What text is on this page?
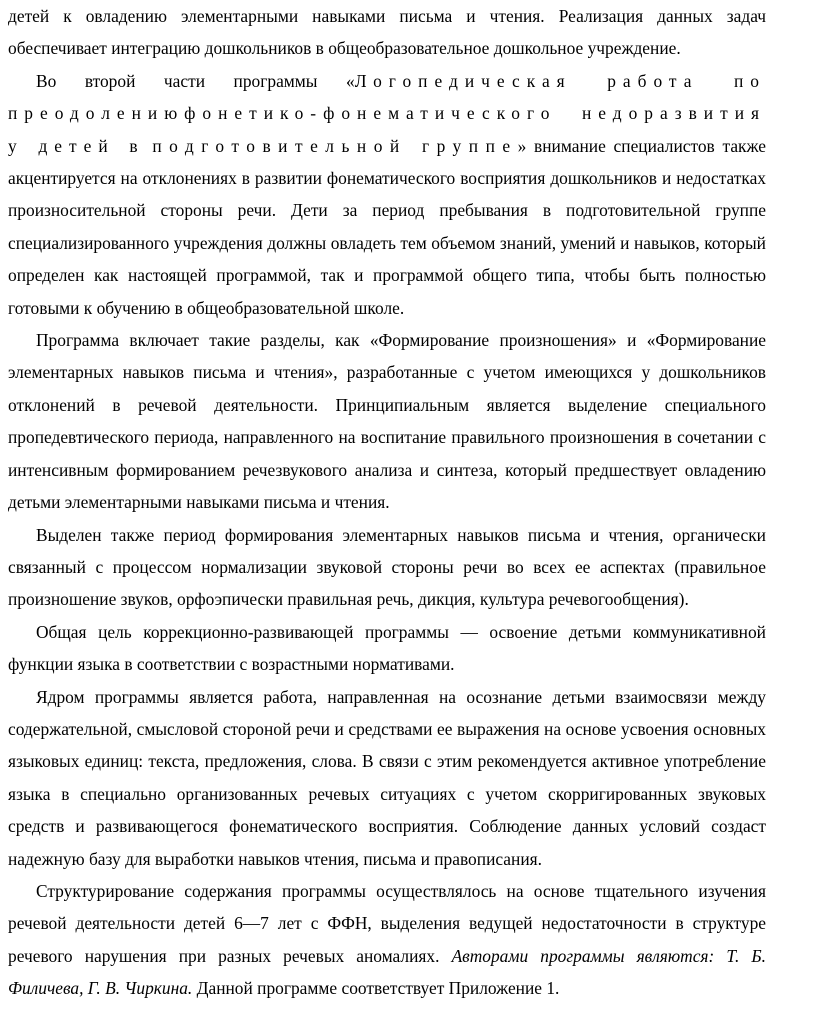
детей к овладению элементарными навыками письма и чтения. Реализация данных задач обеспечивает интеграцию дошкольников в общеобразовательное дошкольное учреждение.

Во второй части программы «Логопедическая работа по преодолениюфонетико-фонематического недоразвития у детей в подготовительной группе» внимание специалистов также акцентируется на отклонениях в развитии фонематического восприятия дошкольников и недостатках произносительной стороны речи. Дети за период пребывания в подготовительной группе специализированного учреждения должны овладеть тем объемом знаний, умений и навыков, который определен как настоящей программой, так и программой общего типа, чтобы быть полностью готовыми к обучению в общеобразовательной школе.

Программа включает такие разделы, как «Формирование произношения» и «Формирование элементарных навыков письма и чтения», разработанные с учетом имеющихся у дошкольников отклонений в речевой деятельности. Принципиальным является выделение специального пропедевтического периода, направленного на воспитание правильного произношения в сочетании с интенсивным формированием речезвукового анализа и синтеза, который предшествует овладению детьми элементарными навыками письма и чтения.

Выделен также период формирования элементарных навыков письма и чтения, органически связанный с процессом нормализации звуковой стороны речи во всех ее аспектах (правильное произношение звуков, орфоэпически правильная речь, дикция, культура речевогообщения).

Общая цель коррекционно-развивающей программы — освоение детьми коммуникативной функции языка в соответствии с возрастными нормативами.

Ядром программы является работа, направленная на осознание детьми взаимосвязи между содержательной, смысловой стороной речи и средствами ее выражения на основе усвоения основных языковых единиц: текста, предложения, слова. В связи с этим рекомендуется активное употребление языка в специально организованных речевых ситуациях с учетом скорригированных звуковых средств и развивающегося фонематического восприятия. Соблюдение данных условий создаст надежную базу для выработки навыков чтения, письма и правописания.

Структурирование содержания программы осуществлялось на основе тщательного изучения речевой деятельности детей 6—7 лет с ФФН, выделения ведущей недостаточности в структуре речевого нарушения при разных речевых аномалиях. Авторами программы являются: Т. Б. Филичева, Г. В. Чиркина. Данной программе соответствует Приложение 1.
